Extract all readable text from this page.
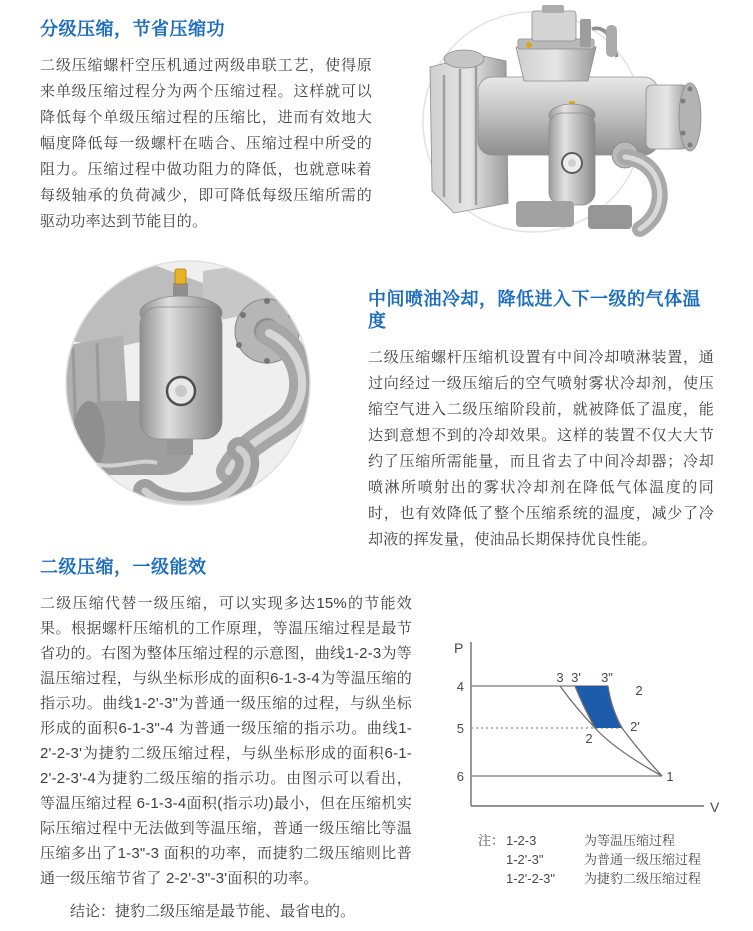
分级压缩，节省压缩功
二级压缩螺杆空压机通过两级串联工艺，使得原来单级压缩过程分为两个压缩过程。这样就可以降低每个单级压缩过程的压缩比，进而有效地大幅度降低每一级螺杆在啮合、压缩过程中所受的阻力。压缩过程中做功阻力的降低，也就意味着每级轴承的负荷减少，即可降低每级压缩所需的驱动功率达到节能目的。
中间喷油冷却，降低进入下一级的气体温度
二级压缩螺杆压缩机设置有中间冷却喷淋装置，通过向经过一级压缩后的空气喷射雾状冷却剂，使压缩空气进入二级压缩阶段前，就被降低了温度，能达到意想不到的冷却效果。这样的装置不仅大大节约了压缩所需能量，而且省去了中间冷却器；冷却喷淋所喷射出的雾状冷却剂在降低气体温度的同时，也有效降低了整个压缩系统的温度，减少了冷却液的挥发量，使油品长期保持优良性能。
二级压缩，一级能效
二级压缩代替一级压缩，可以实现多达15%的节能效果。根据螺杆压缩机的工作原理，等温压缩过程是最节省功的。右图为整体压缩过程的示意图，曲线1-2-3为等温压缩过程，与纵坐标形成的面积6-1-3-4为等温压缩的指示功。曲线1-2'-3"为普通一级压缩的过程，与纵坐标形成的面积6-1-3"-4 为普通一级压缩的指示功。曲线1-2'-2-3'为捷豹二级压缩过程，与纵坐标形成的面积6-1-2'-2-3'-4为捷豹二级压缩的指示功。由图示可以看出，等温压缩过程 6-1-3-4面积(指示功)最小，但在压缩机实际压缩过程中无法做到等温压缩，普通一级压缩比等温压缩多出了1-3"-3 面积的功率，而捷豹二级压缩则比普通一级压缩节省了 2-2'-3"-3'面积的功率。
结论：捷豹二级压缩是最节能、最省电的。
P
V
4
5
6
3 3' 3"
2
2'
2
1
注： 1-2-3	为等温压缩过程
1-2'-3"	为普通一级压缩过程
1-2'-2-3"	为捷豹二级压缩过程
